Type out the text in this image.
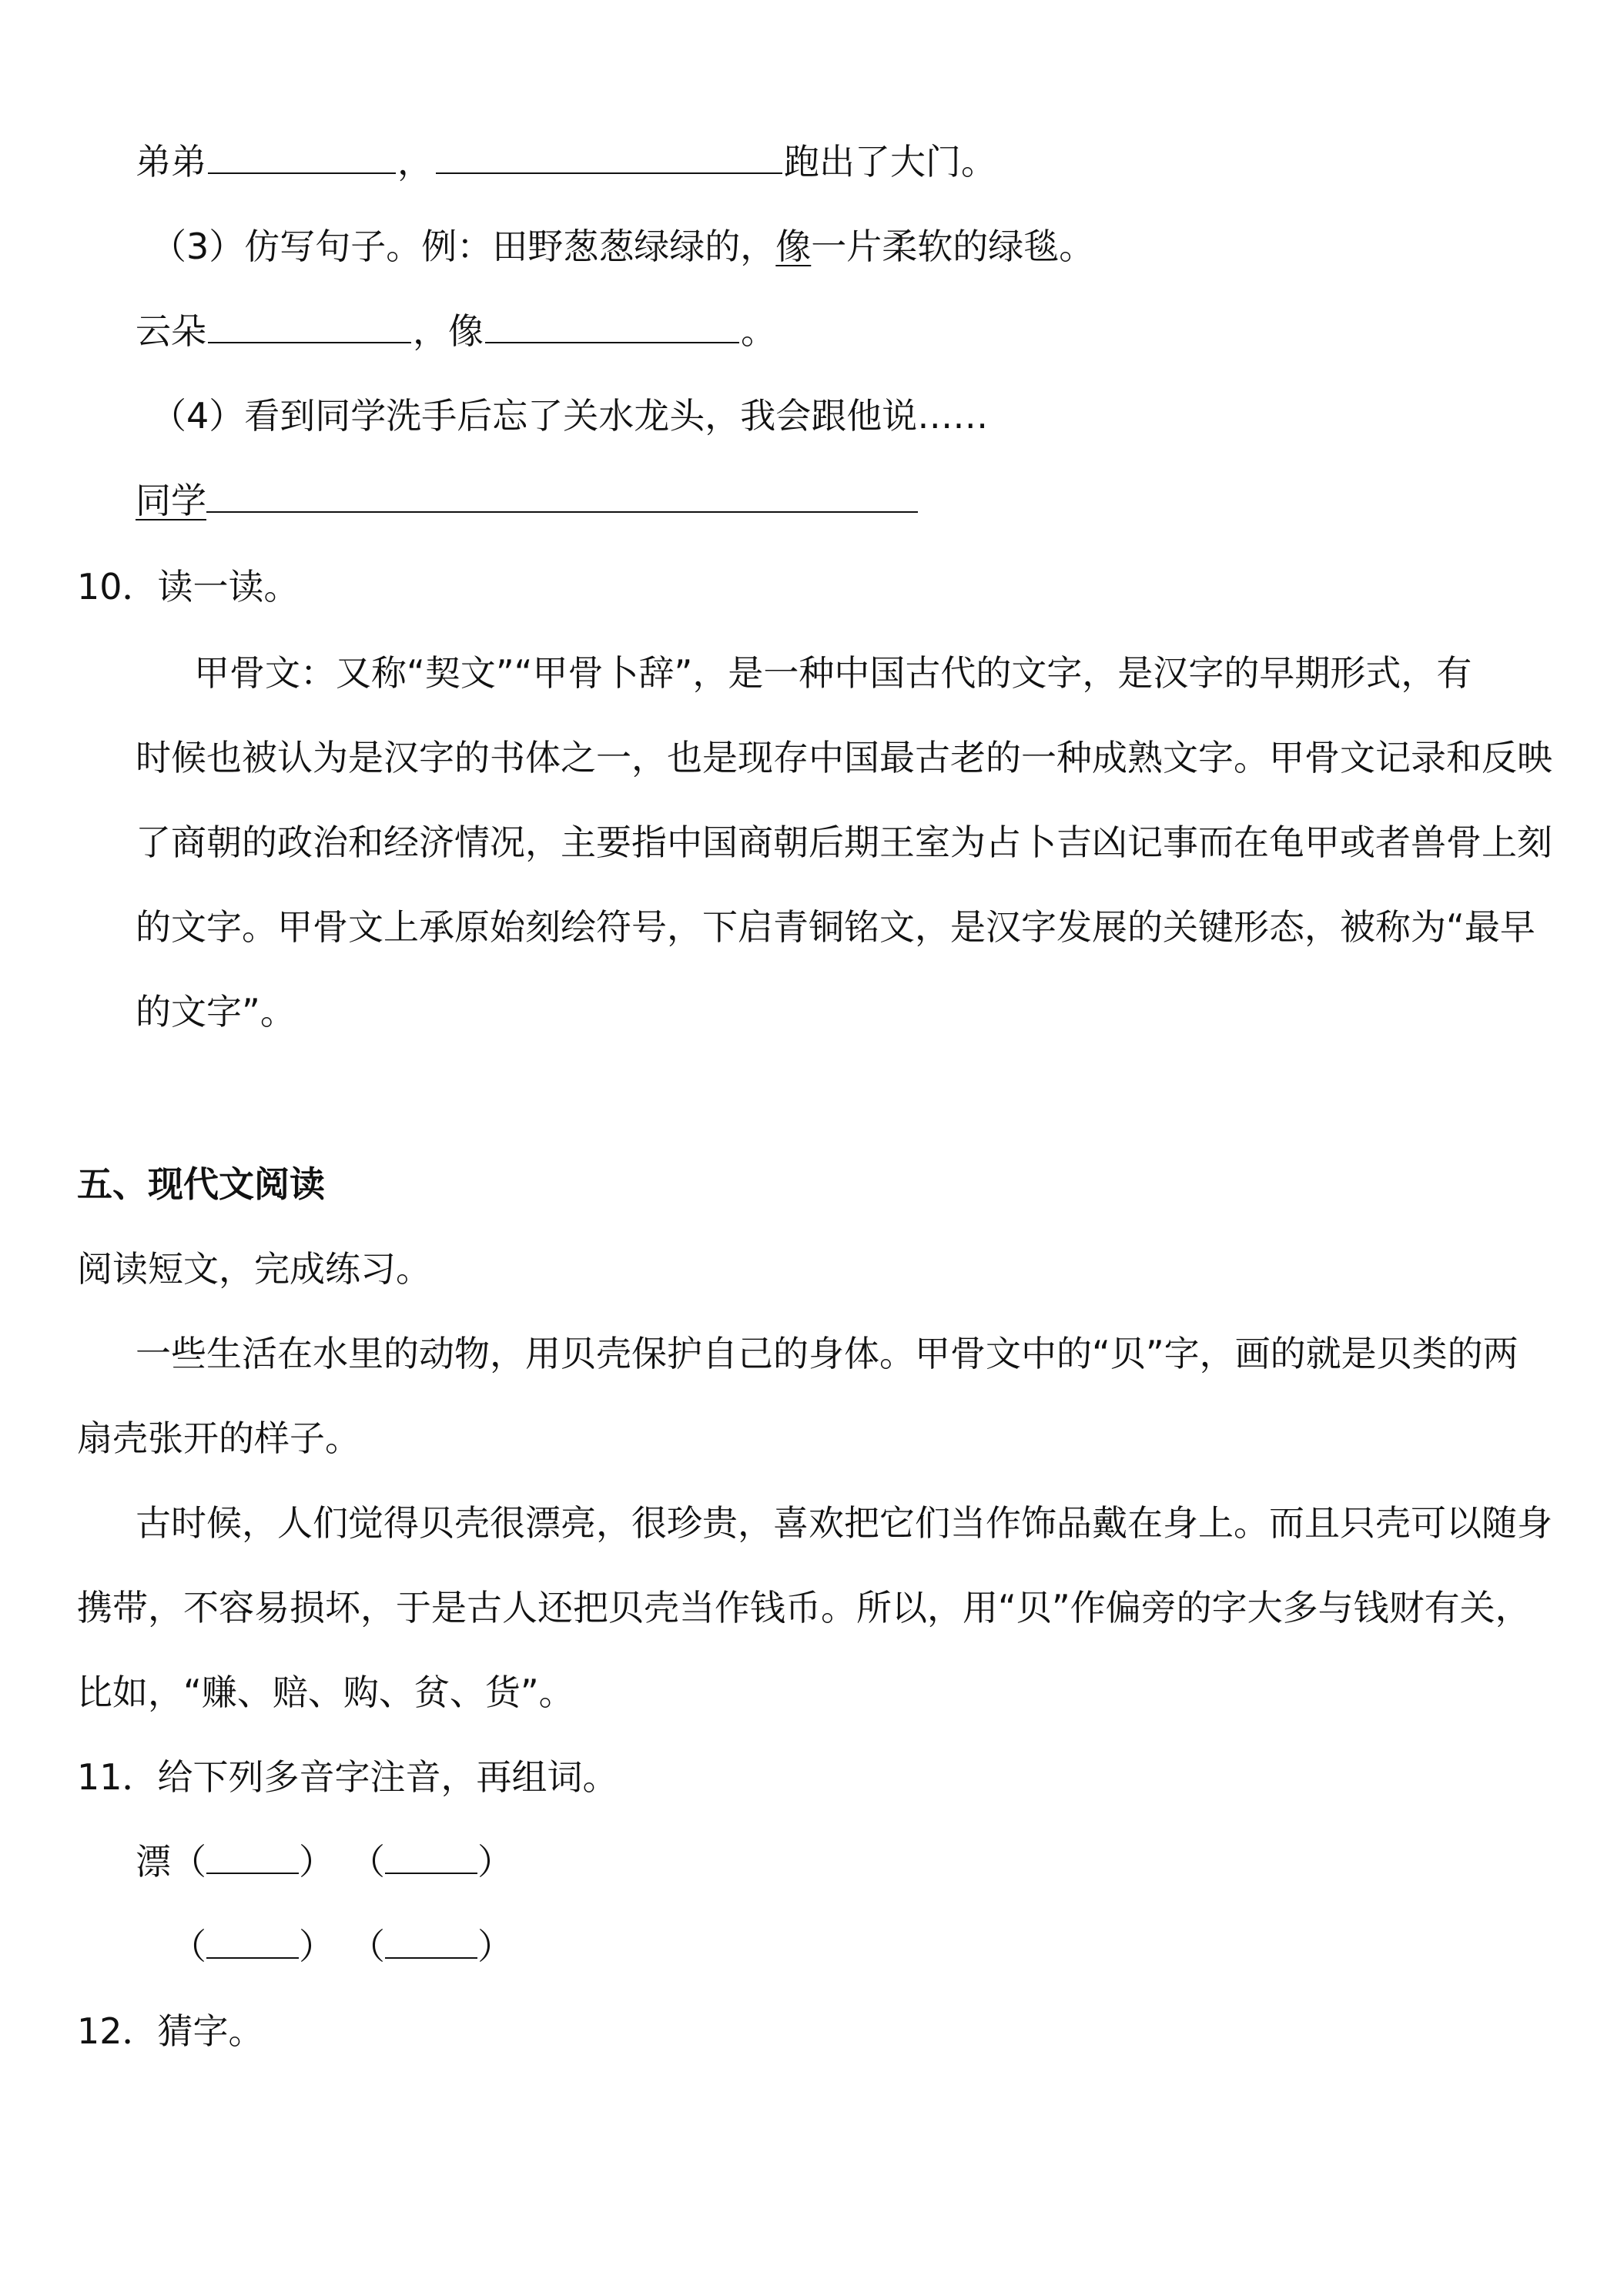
弟弟	，	跑出了大门。
（3）仿写句子。例：田野葱葱绿绿的，像一片柔软的绿毯。
云朵	，像	。
（4）看到同学洗手后忘了关水龙头，我会跟他说……
同学
10．读一读。
甲骨文：又称“契文”“甲骨卜辞”，是一种中国古代的文字，是汉字的早期形式，有
时候也被认为是汉字的书体之一，也是现存中国最古老的一种成熟文字。甲骨文记录和反映
了商朝的政治和经济情况，主要指中国商朝后期王室为占卜吉凶记事而在龟甲或者兽骨上刻
的文字。甲骨文上承原始刻绘符号，下启青铜铭文，是汉字发展的关键形态，被称为“最早
的文字”。
五、现代文阅读
阅读短文，完成练习。
一些生活在水里的动物，用贝壳保护自己的身体。甲骨文中的“贝”字，画的就是贝类的两
扇壳张开的样子。
古时候，人们觉得贝壳很漂亮，很珍贵，喜欢把它们当作饰品戴在身上。而且只壳可以随身
携带，不容易损坏，于是古人还把贝壳当作钱币。所以，用“贝”作偏旁的字大多与钱财有关，
比如，“赚、赔、购、贫、货”。
11．给下列多音字注音，再组词。
漂（	） （	）
（	） （	）
12．猜字。
